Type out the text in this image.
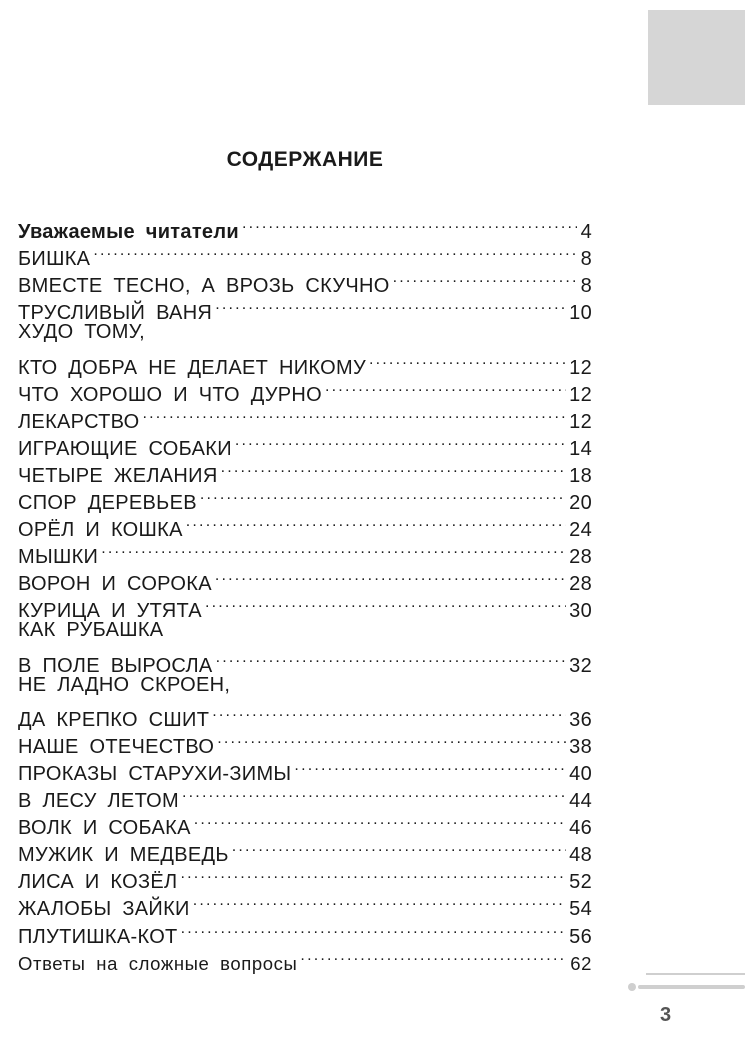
СОДЕРЖАНИЕ
Уважаемые читатели .....	4
БИШКА .....	8
ВМЕСТЕ ТЕСНО, А ВРОЗЬ СКУЧНО .....	8
ТРУСЛИВЫЙ ВАНЯ .....	10
ХУДО ТОМУ,
КТО ДОБРА НЕ ДЕЛАЕТ НИКОМУ .....	12
ЧТО ХОРОШО И ЧТО ДУРНО .....	12
ЛЕКАРСТВО .....	12
ИГРАЮЩИЕ СОБАКИ .....	14
ЧЕТЫРЕ ЖЕЛАНИЯ .....	18
СПОР ДЕРЕВЬЕВ .....	20
ОРЁЛ И КОШКА .....	24
МЫШКИ .....	28
ВОРОН И СОРОКА .....	28
КУРИЦА И УТЯТА .....	30
КАК РУБАШКА
В ПОЛЕ ВЫРОСЛА .....	32
НЕ ЛАДНО СКРОЕН,
ДА КРЕПКО СШИТ .....	36
НАШЕ ОТЕЧЕСТВО .....	38
ПРОКАЗЫ СТАРУХИ-ЗИМЫ .....	40
В ЛЕСУ ЛЕТОМ .....	44
ВОЛК И СОБАКА .....	46
МУЖИК И МЕДВЕДЬ .....	48
ЛИСА И КОЗЁЛ .....	52
ЖАЛОБЫ ЗАЙКИ .....	54
ПЛУТИШКА-КОТ .....	56
Ответы на сложные вопросы .....	62
3
